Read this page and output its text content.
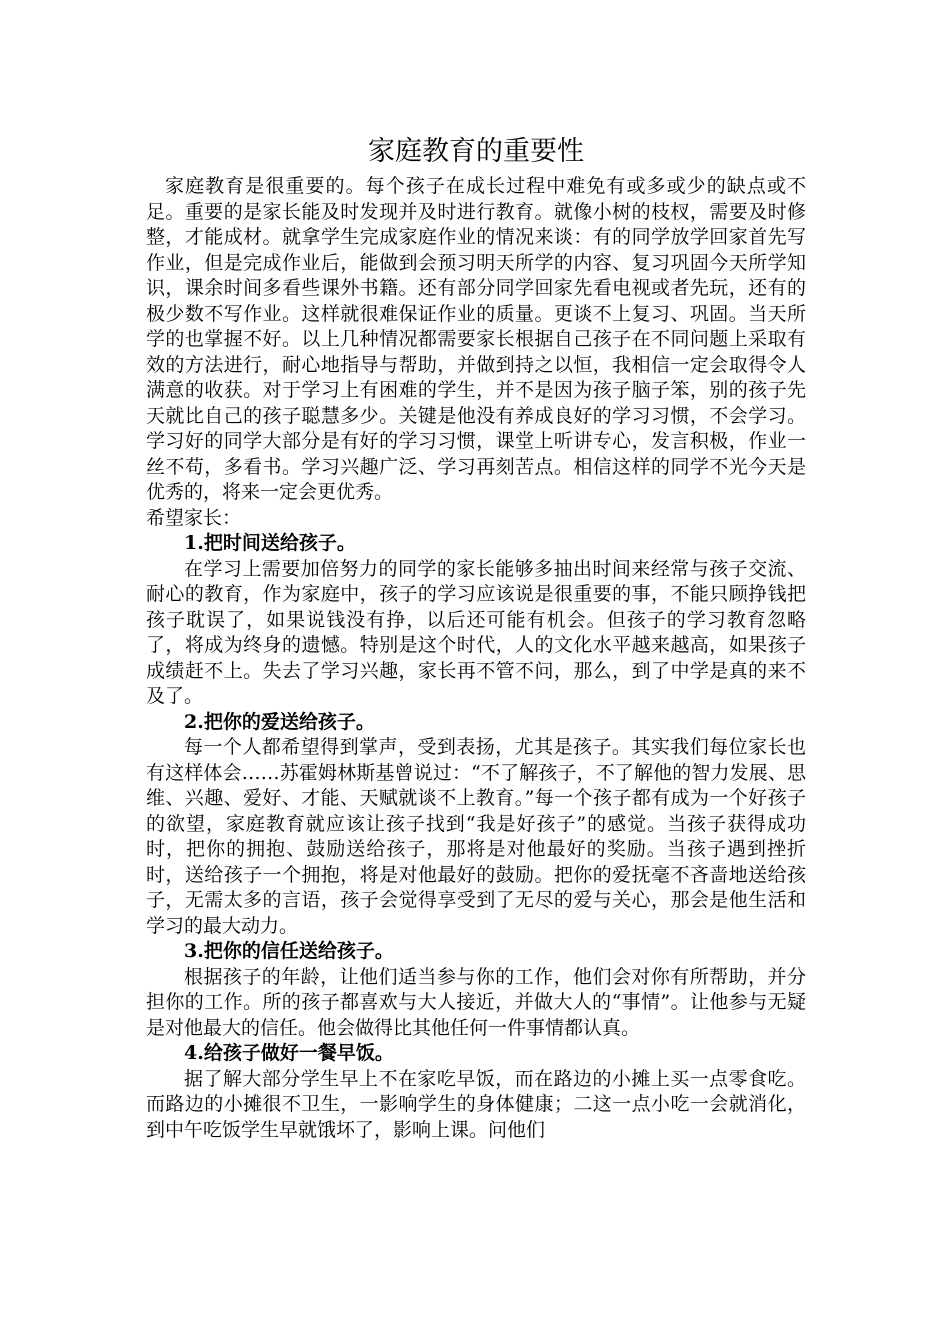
家庭教育的重要性

家庭教育是很重要的。每个孩子在成长过程中难免有或多或少的缺点或不足。重要的是家长能及时发现并及时进行教育。就像小树的枝杈，需要及时修整，才能成材。就拿学生完成家庭作业的情况来谈：有的同学放学回家首先写作业，但是完成作业后，能做到会预习明天所学的内容、复习巩固今天所学知识，课余时间多看些课外书籍。还有部分同学回家先看电视或者先玩，还有的极少数不写作业。这样就很难保证作业的质量。更谈不上复习、巩固。当天所学的也掌握不好。以上几种情况都需要家长根据自己孩子在不同问题上采取有效的方法进行，耐心地指导与帮助，并做到持之以恒，我相信一定会取得令人满意的收获。对于学习上有困难的学生，并不是因为孩子脑子笨，别的孩子先天就比自己的孩子聪慧多少。关键是他没有养成良好的学习习惯，不会学习。学习好的同学大部分是有好的学习习惯，课堂上听讲专心，发言积极，作业一丝不苟，多看书。学习兴趣广泛、学习再刻苦点。相信这样的同学不光今天是优秀的，将来一定会更优秀。

希望家长：

1.把时间送给孩子。

在学习上需要加倍努力的同学的家长能够多抽出时间来经常与孩子交流、耐心的教育，作为家庭中，孩子的学习应该说是很重要的事，不能只顾挣钱把孩子耽误了，如果说钱没有挣，以后还可能有机会。但孩子的学习教育忽略了，将成为终身的遗憾。特别是这个时代，人的文化水平越来越高，如果孩子成绩赶不上。失去了学习兴趣，家长再不管不问，那么，到了中学是真的来不及了。

2.把你的爱送给孩子。

每一个人都希望得到掌声，受到表扬，尤其是孩子。其实我们每位家长也有这样体会……苏霍姆林斯基曾说过：“不了解孩子，不了解他的智力发展、思维、兴趣、爱好、才能、天赋就谈不上教育。”每一个孩子都有成为一个好孩子的欲望，家庭教育就应该让孩子找到“我是好孩子”的感觉。当孩子获得成功时，把你的拥抱、鼓励送给孩子，那将是对他最好的奖励。当孩子遇到挫折时，送给孩子一个拥抱，将是对他最好的鼓励。把你的爱抚毫不吝啬地送给孩子，无需太多的言语，孩子会觉得享受到了无尽的爱与关心，那会是他生活和学习的最大动力。

3.把你的信任送给孩子。

根据孩子的年龄，让他们适当参与你的工作，他们会对你有所帮助，并分担你的工作。所的孩子都喜欢与大人接近，并做大人的“事情”。让他参与无疑是对他最大的信任。他会做得比其他任何一件事情都认真。

4.给孩子做好一餐早饭。

据了解大部分学生早上不在家吃早饭，而在路边的小摊上买一点零食吃。而路边的小摊很不卫生，一影响学生的身体健康；二这一点小吃一会就消化，到中午吃饭学生早就饿坏了，影响上课。问他们
